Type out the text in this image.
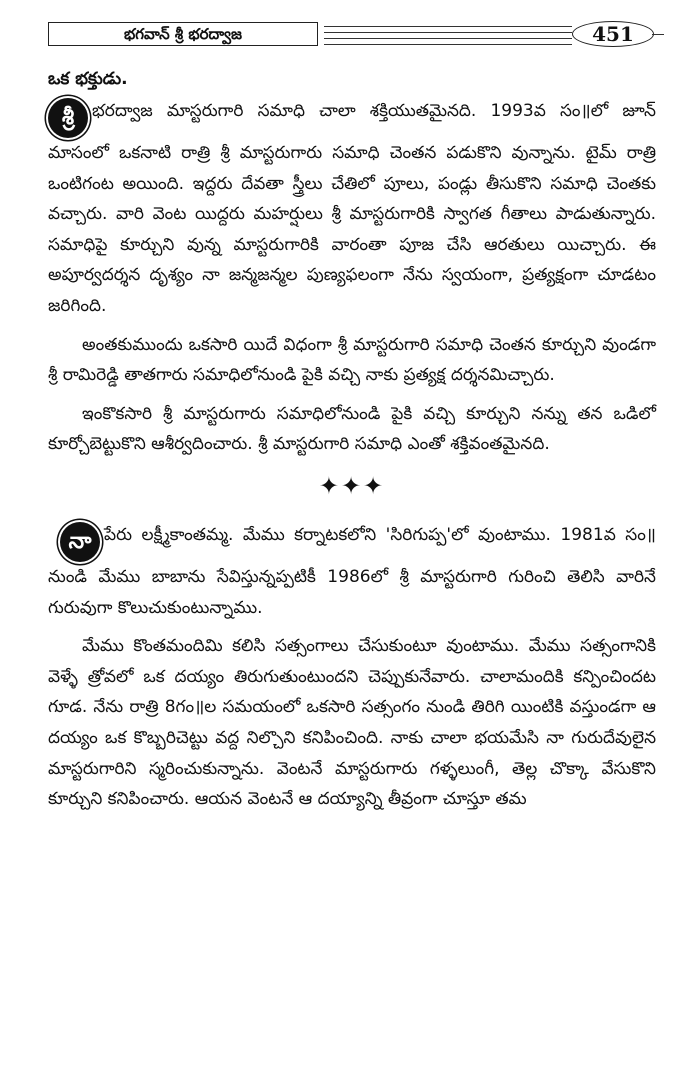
భగవాన్ శ్రీ భరద్వాజ	451
ఒక భక్తుడు.

శ్రీ భరద్వాజ మాస్టరుగారి సమాధి చాలా శక్తియుతమైనది. 1993వ సం॥లో జూన్ మాసంలో ఒకనాటి రాత్రి శ్రీ మాస్టరుగారు సమాధి చెంతన పడుకొని వున్నాను. టైమ్ రాత్రి ఒంటిగంట అయింది. ఇద్దరు దేవతా స్త్రీలు చేతిలో పూలు, పండ్లు తీసుకొని సమాధి చెంతకు వచ్చారు. వారి వెంట యిద్దరు మహర్షులు శ్రీ మాస్టరుగారికి స్వాగత గీతాలు పాడుతున్నారు. సమాధిపై కూర్చుని వున్న మాస్టరుగారికి వారంతా పూజ చేసి ఆరతులు యిచ్చారు. ఈ అపూర్వదర్శన దృశ్యం నా జన్మజన్మల పుణ్యఫలంగా నేను స్వయంగా, ప్రత్యక్షంగా చూడటం జరిగింది.

అంతకుముందు ఒకసారి యిదే విధంగా శ్రీ మాస్టరుగారి సమాధి చెంతన కూర్చుని వుండగా శ్రీ రామిరెడ్డి తాతగారు సమాధిలోనుండి పైకి వచ్చి నాకు ప్రత్యక్ష దర్శనమిచ్చారు.

ఇంకొకసారి శ్రీ మాస్టరుగారు సమాధిలోనుండి పైకి వచ్చి కూర్చుని నన్ను తన ఒడిలో కూర్చోబెట్టుకొని ఆశీర్వదించారు. శ్రీ మాస్టరుగారి సమాధి ఎంతో శక్తివంతమైనది.

✦✦✦

నా పేరు లక్ష్మీకాంతమ్మ. మేము కర్నాటకలోని 'సిరిగుప్ప'లో వుంటాము. 1981వ సం॥నుండి మేము బాబాను సేవిస్తున్నప్పటికీ 1986లో శ్రీ మాస్టరుగారి గురించి తెలిసి వారినే గురువుగా కొలుచుకుంటున్నాము.

మేము కొంతమందిమి కలిసి సత్సంగాలు చేసుకుంటూ వుంటాము. మేము సత్సంగానికి వెళ్ళే త్రోవలో ఒక దయ్యం తిరుగుతుంటుందని చెప్పుకునేవారు. చాలామందికి కన్పించిందట గూడ. నేను రాత్రి 8గం॥ల సమయంలో ఒకసారి సత్సంగం నుండి తిరిగి యింటికి వస్తుండగా ఆ దయ్యం ఒక కొబ్బరిచెట్టు వద్ద నిల్చొని కనిపించింది. నాకు చాలా భయమేసి నా గురుదేవులైన మాస్టరుగారిని స్మరించుకున్నాను. వెంటనే మాస్టరుగారు గళ్ళలుంగీ, తెల్ల చొక్కా వేసుకొని కూర్చుని కనిపించారు. ఆయన వెంటనే ఆ దయ్యాన్ని తీవ్రంగా చూస్తూ తమ
